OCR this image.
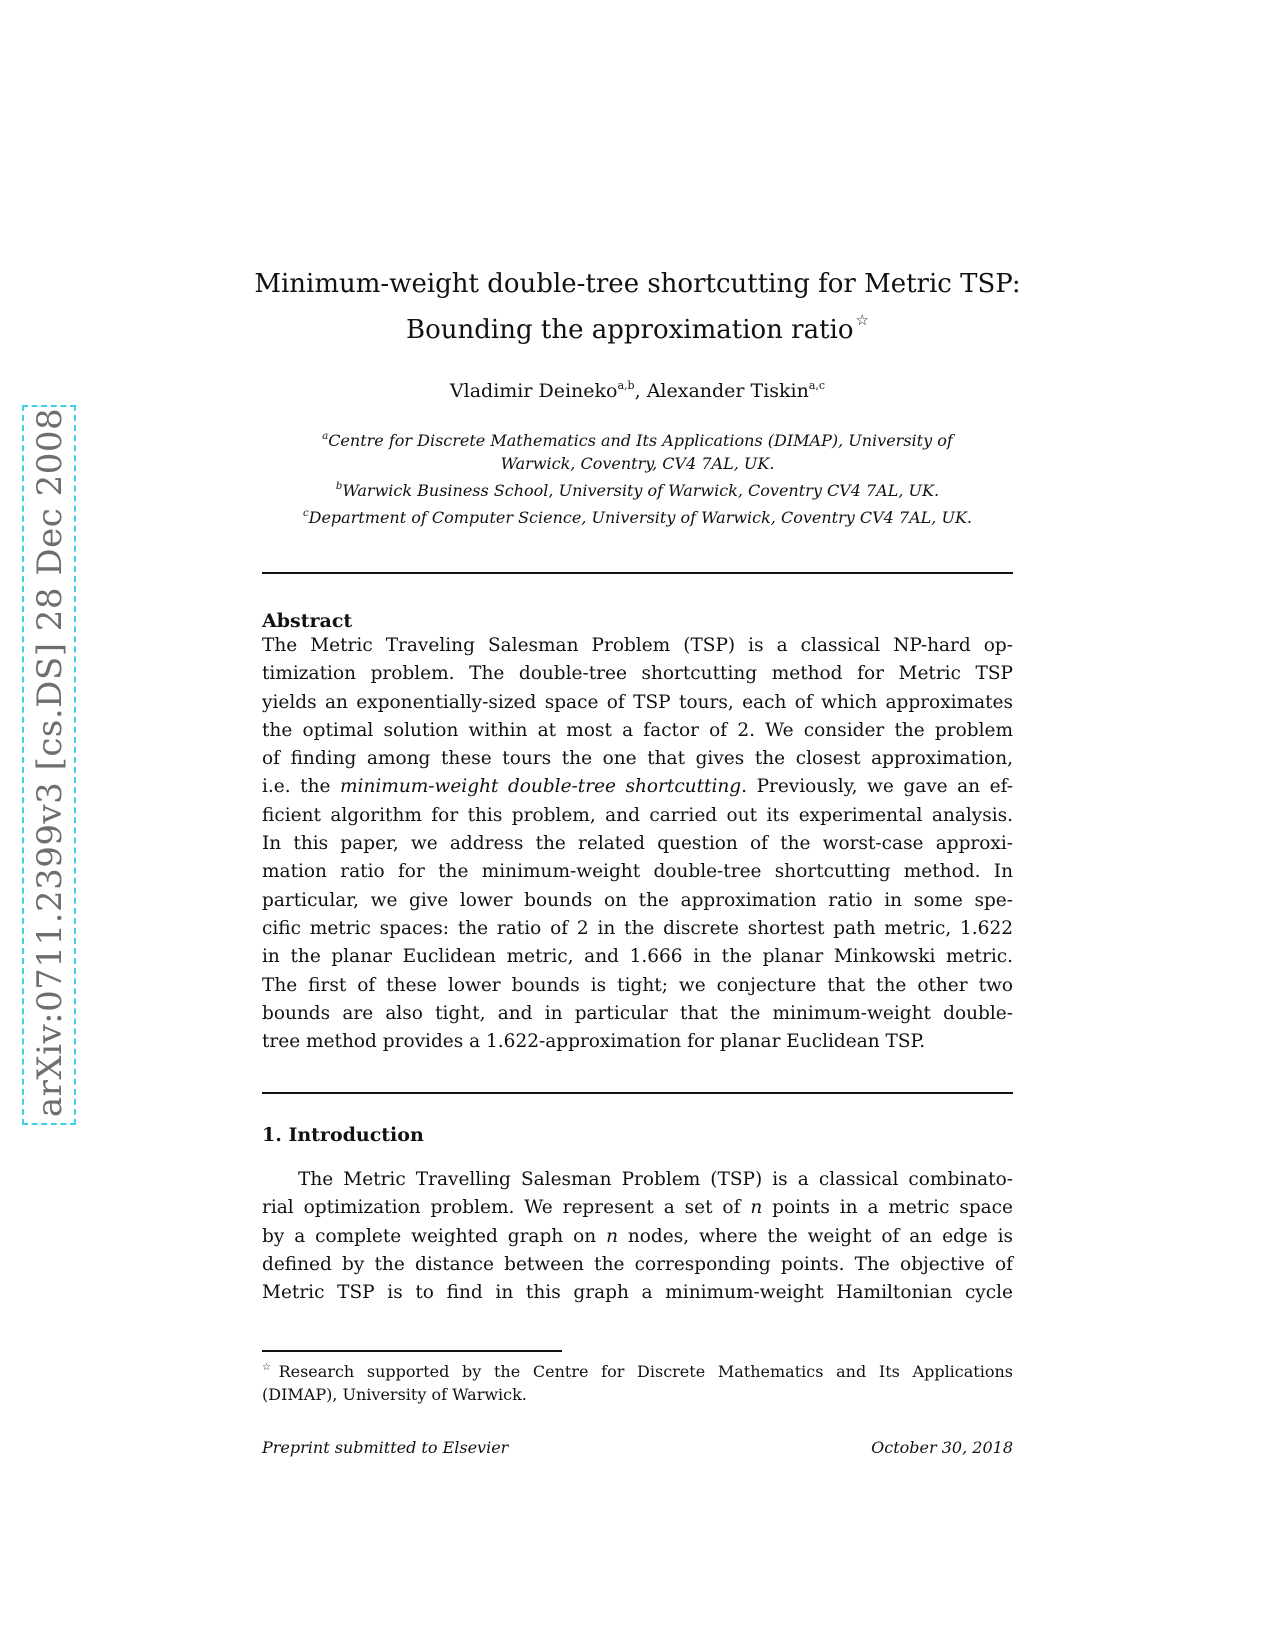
arXiv:0711.2399v3 [cs.DS] 28 Dec 2008
Minimum-weight double-tree shortcutting for Metric TSP:
Bounding the approximation ratio ☆
Vladimir Deineko$^{a,b}$, Alexander Tiskin$^{a,c}$
$^a$Centre for Discrete Mathematics and Its Applications (DIMAP), University of
Warwick, Coventry, CV4 7AL, UK.
$^b$Warwick Business School, University of Warwick, Coventry CV4 7AL, UK.
$^c$Department of Computer Science, University of Warwick, Coventry CV4 7AL, UK.
Abstract
The Metric Traveling Salesman Problem (TSP) is a classical NP-hard op-
timization problem. The double-tree shortcutting method for Metric TSP
yields an exponentially-sized space of TSP tours, each of which approximates
the optimal solution within at most a factor of 2. We consider the problem
of finding among these tours the one that gives the closest approximation,
i.e. the minimum-weight double-tree shortcutting. Previously, we gave an ef-
ficient algorithm for this problem, and carried out its experimental analysis.
In this paper, we address the related question of the worst-case approxi-
mation ratio for the minimum-weight double-tree shortcutting method. In
particular, we give lower bounds on the approximation ratio in some spe-
cific metric spaces: the ratio of 2 in the discrete shortest path metric, 1.622
in the planar Euclidean metric, and 1.666 in the planar Minkowski metric.
The first of these lower bounds is tight; we conjecture that the other two
bounds are also tight, and in particular that the minimum-weight double-
tree method provides a 1.622-approximation for planar Euclidean TSP.
1. Introduction
The Metric Travelling Salesman Problem (TSP) is a classical combinato-
rial optimization problem. We represent a set of n points in a metric space
by a complete weighted graph on n nodes, where the weight of an edge is
defined by the distance between the corresponding points. The objective of
Metric TSP is to find in this graph a minimum-weight Hamiltonian cycle
☆Research supported by the Centre for Discrete Mathematics and Its Applications
(DIMAP), University of Warwick.
Preprint submitted to Elsevier	October 30, 2018
